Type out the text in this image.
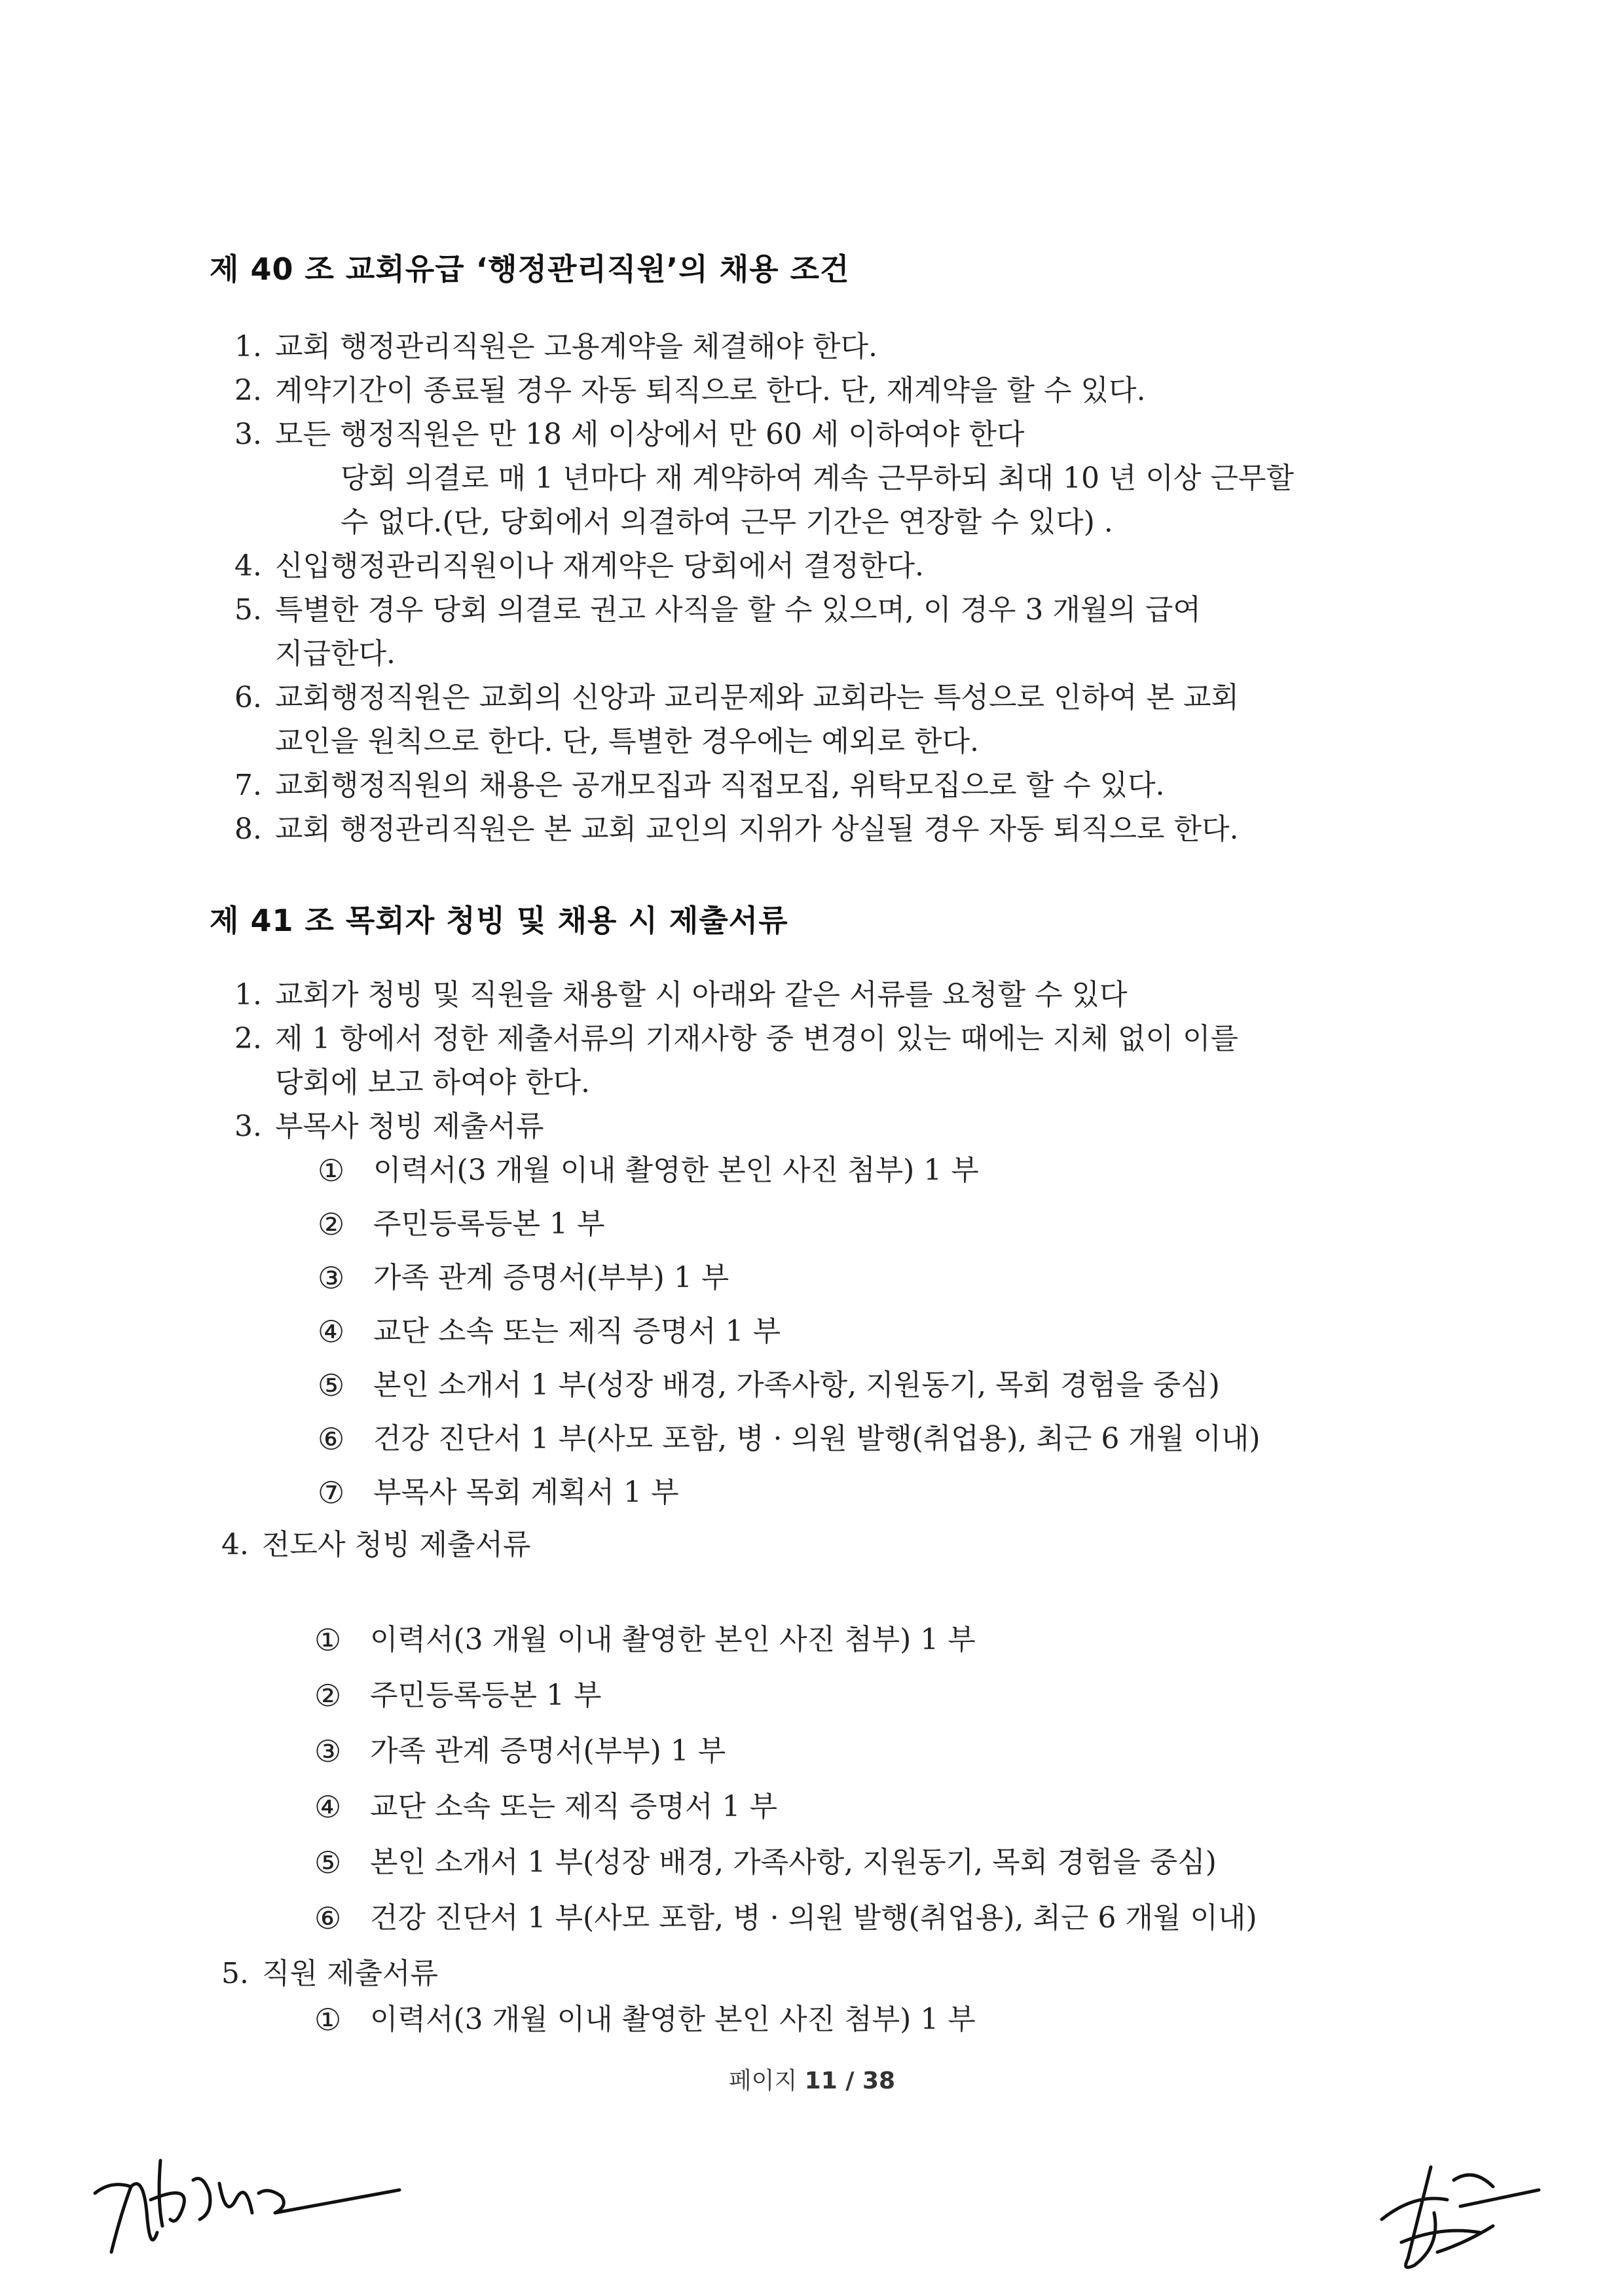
제 40 조 교회유급 ‘행정관리직원’의 채용 조건
1. 교회 행정관리직원은 고용계약을 체결해야 한다.
2. 계약기간이 종료될 경우 자동 퇴직으로 한다. 단, 재계약을 할 수 있다.
3. 모든 행정직원은 만 18 세 이상에서 만 60 세 이하여야 한다
당회 의결로 매 1 년마다 재 계약하여 계속 근무하되 최대 10 년 이상 근무할
수 없다.(단, 당회에서 의결하여 근무 기간은 연장할 수 있다) .
4. 신입행정관리직원이나 재계약은 당회에서 결정한다.
5. 특별한 경우 당회 의결로 권고 사직을 할 수 있으며, 이 경우 3 개월의 급여
지급한다.
6. 교회행정직원은 교회의 신앙과 교리문제와 교회라는 특성으로 인하여 본 교회
교인을 원칙으로 한다. 단, 특별한 경우에는 예외로 한다.
7. 교회행정직원의 채용은 공개모집과 직접모집, 위탁모집으로 할 수 있다.
8. 교회 행정관리직원은 본 교회 교인의 지위가 상실될 경우 자동 퇴직으로 한다.
제 41 조 목회자 청빙 및 채용 시 제출서류
1. 교회가 청빙 및 직원을 채용할 시 아래와 같은 서류를 요청할 수 있다
2. 제 1 항에서 정한 제출서류의 기재사항 중 변경이 있는 때에는 지체 없이 이를
당회에 보고 하여야 한다.
3. 부목사 청빙 제출서류
① 이력서(3 개월 이내 촬영한 본인 사진 첨부) 1 부
② 주민등록등본 1 부
③ 가족 관계 증명서(부부) 1 부
④ 교단 소속 또는 제직 증명서 1 부
⑤ 본인 소개서 1 부(성장 배경, 가족사항, 지원동기, 목회 경험을 중심)
⑥ 건강 진단서 1 부(사모 포함, 병 · 의원 발행(취업용), 최근 6 개월 이내)
⑦ 부목사 목회 계획서 1 부
4. 전도사 청빙 제출서류
① 이력서(3 개월 이내 촬영한 본인 사진 첨부) 1 부
② 주민등록등본 1 부
③ 가족 관계 증명서(부부) 1 부
④ 교단 소속 또는 제직 증명서 1 부
⑤ 본인 소개서 1 부(성장 배경, 가족사항, 지원동기, 목회 경험을 중심)
⑥ 건강 진단서 1 부(사모 포함, 병 · 의원 발행(취업용), 최근 6 개월 이내)
5. 직원 제출서류
① 이력서(3 개월 이내 촬영한 본인 사진 첨부) 1 부
페이지 11 / 38
